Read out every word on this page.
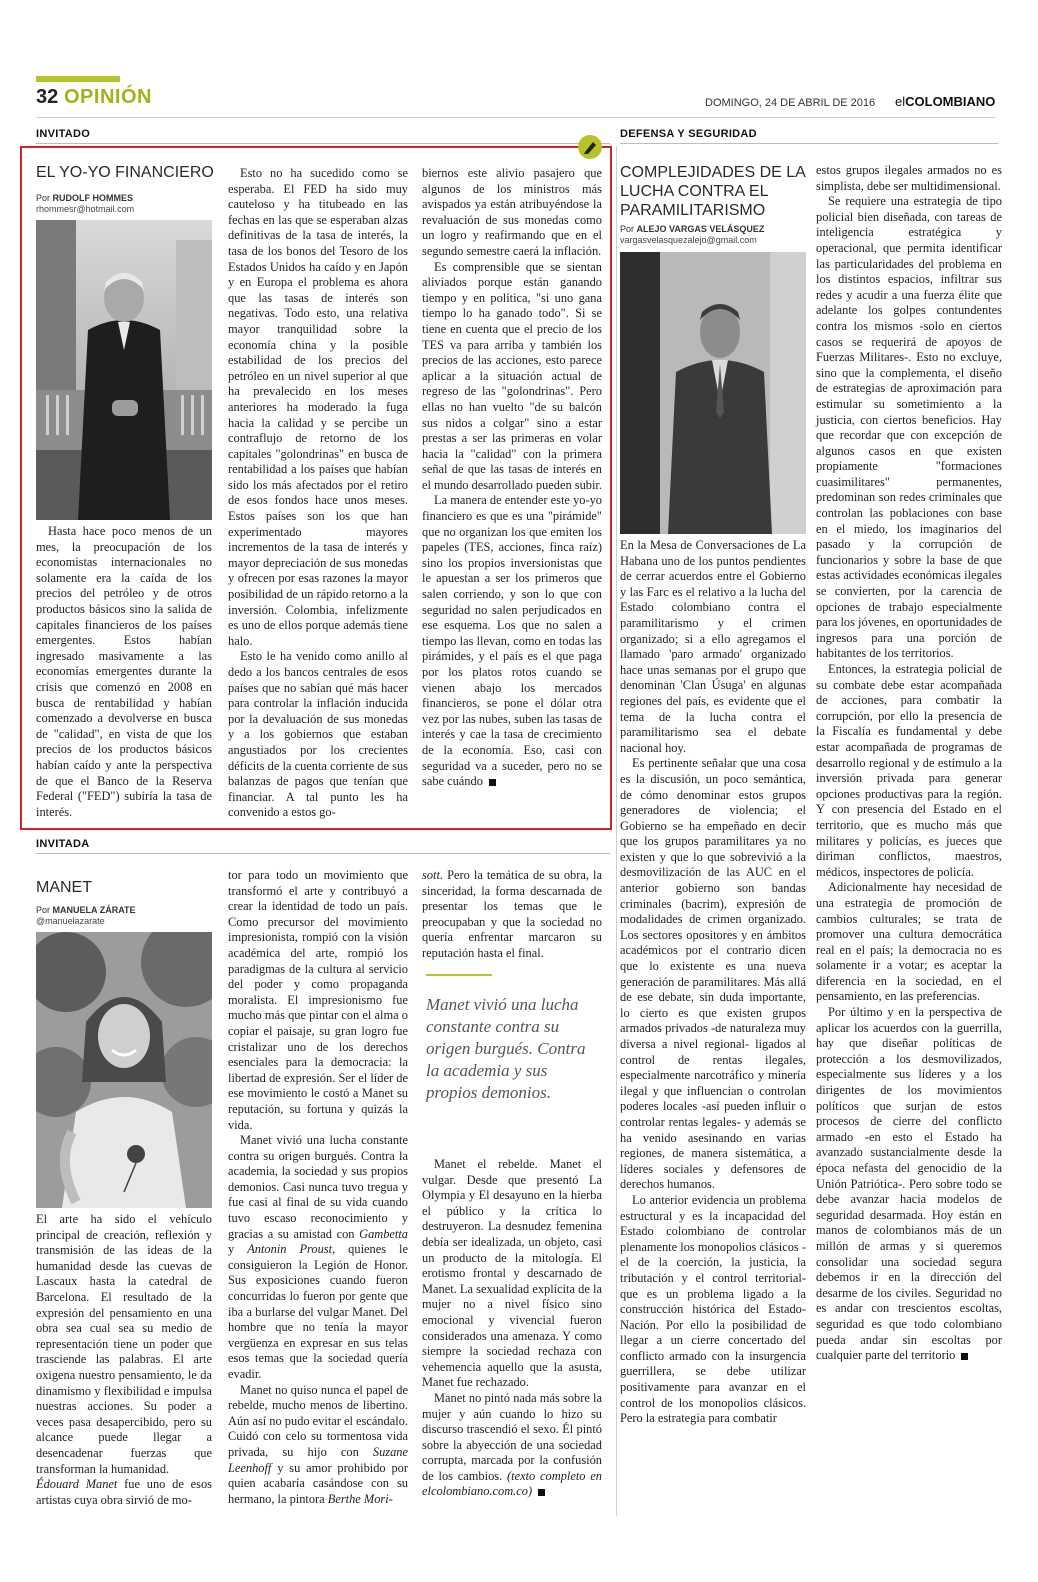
32 OPINIÓN	DOMINGO, 24 DE ABRIL DE 2016 elCOLOMBIANO
INVITADO
EL YO-YO FINANCIERO
Por RUDOLF HOMMES
rhommesr@hotmail.com

Hasta hace poco menos de un mes, la preocupación de los economistas internacionales no solamente era la caída de los precios del petróleo y de otros productos básicos sino la salida de capitales financieros de los países emergentes. Estos habían ingresado masivamente a las economías emergentes durante la crisis que comenzó en 2008 en busca de rentabilidad y habían comenzado a devolverse en busca de "calidad", en vista de que los precios de los productos básicos habían caído y ante la perspectiva de que el Banco de la Reserva Federal ("FED") subiría la tasa de interés.

Esto no ha sucedido como se esperaba. El FED ha sido muy cauteloso y ha titubeado en las fechas en las que se esperaban alzas definitivas de la tasa de interés, la tasa de los bonos del Tesoro de los Estados Unidos ha caído y en Japón y en Europa el problema es ahora que las tasas de interés son negativas. Todo esto, una relativa mayor tranquilidad sobre la economía china y la posible estabilidad de los precios del petróleo en un nivel superior al que ha prevalecido en los meses anteriores ha moderado la fuga hacia la calidad y se percibe un contraflujo de retorno de los capitales "golondrinas" en busca de rentabilidad a los países que habían sido los más afectados por el retiro de esos fondos hace unos meses. Estos países son los que han experimentado mayores incrementos de la tasa de interés y mayor depreciación de sus monedas y ofrecen por esas razones la mayor posibilidad de un rápido retorno a la inversión. Colombia, infelizmente es uno de ellos porque además tiene halo.

Esto le ha venido como anillo al dedo a los bancos centrales de esos países que no sabían qué más hacer para controlar la inflación inducida por la devaluación de sus monedas y a los gobiernos que estaban angustiados por los crecientes déficits de la cuenta corriente de sus balanzas de pagos que tenían que financiar. A tal punto les ha convenido a estos go-

biernos este alivio pasajero que algunos de los ministros más avispados ya están atribuyéndose la revaluación de sus monedas como un logro y reafirmando que en el segundo semestre caerá la inflación.

Es comprensible que se sientan aliviados porque están ganando tiempo y en política, "si uno gana tiempo lo ha ganado todo". Si se tiene en cuenta que el precio de los TES va para arriba y también los precios de las acciones, esto parece aplicar a la situación actual de regreso de las "golondrinas". Pero ellas no han vuelto "de su balcón sus nidos a colgar" sino a estar prestas a ser las primeras en volar hacia la "calidad" con la primera señal de que las tasas de interés en el mundo desarrollado pueden subir.

La manera de entender este yo-yo financiero es que es una "pirámide" que no organizan los que emiten los papeles (TES, acciones, finca raíz) sino los propios inversionistas que le apuestan a ser los primeros que salen corriendo, y son lo que con seguridad no salen perjudicados en ese esquema. Los que no salen a tiempo las llevan, como en todas las pirámides, y el país es el que paga por los platos rotos cuando se vienen abajo los mercados financieros, se pone el dólar otra vez por las nubes, suben las tasas de interés y cae la tasa de crecimiento de la economía. Eso, casi con seguridad va a suceder, pero no se sabe cuándo

INVITADA
MANET
Por MANUELA ZÁRATE
@manuelazarate

El arte ha sido el vehículo principal de creación, reflexión y transmisión de las ideas de la humanidad desde las cuevas de Lascaux hasta la catedral de Barcelona. El resultado de la expresión del pensamiento en una obra sea cual sea su medio de representación tiene un poder que trasciende las palabras. El arte oxigena nuestro pensamiento, le da dinamismo y flexibilidad e impulsa nuestras acciones. Su poder a veces pasa desapercibido, pero su alcance puede llegar a desencadenar fuerzas que transforman la humanidad.

Édouard Manet fue uno de esos artistas cuya obra sirvió de mo-

tor para todo un movimiento que transformó el arte y contribuyó a crear la identidad de todo un país. Como precursor del movimiento impresionista, rompió con la visión académica del arte, rompió los paradigmas de la cultura al servicio del poder y como propaganda moralista. El impresionismo fue mucho más que pintar con el alma o copiar el paisaje, su gran logro fue cristalizar uno de los derechos esenciales para la democracia: la libertad de expresión. Ser el líder de ese movimiento le costó a Manet su reputación, su fortuna y quizás la vida.

Manet vivió una lucha constante contra su origen burgués. Contra la academia, la sociedad y sus propios demonios. Casi nunca tuvo tregua y fue casi al final de su vida cuando tuvo escaso reconocimiento y gracias a su amistad con Gambetta y Antonin Proust, quienes le consiguieron la Legión de Honor. Sus exposiciones cuando fueron concurridas lo fueron por gente que iba a burlarse del vulgar Manet. Del hombre que no tenía la mayor vergüenza en expresar en sus telas esos temas que la sociedad quería evadir.

Manet no quiso nunca el papel de rebelde, mucho menos de libertino. Aún así no pudo evitar el escándalo. Cuidó con celo su tormentosa vida privada, su hijo con Suzane Leenhoff y su amor prohibido por quien acabaría casándose con su hermano, la pintora Berthe Mori-

sott. Pero la temática de su obra, la sinceridad, la forma descarnada de presentar los temas que le preocupaban y que la sociedad no quería enfrentar marcaron su reputación hasta el final.

Manet vivió una lucha constante contra su origen burgués. Contra la academia y sus propios demonios.

Manet el rebelde. Manet el vulgar. Desde que presentó La Olympia y El desayuno en la hierba el público y la crítica lo destruyeron. La desnudez femenina debía ser idealizada, un objeto, casi un producto de la mitología. El erotismo frontal y descarnado de Manet. La sexualidad explícita de la mujer no a nivel físico sino emocional y vivencial fueron considerados una amenaza. Y como siempre la sociedad rechaza con vehemencia aquello que la asusta, Manet fue rechazado.

Manet no pintó nada más sobre la mujer y aún cuando lo hizo su discurso trascendió el sexo. Él pintó sobre la abyección de una sociedad corrupta, marcada por la confusión de los cambios. (texto completo en elcolombiano.com.co)

DEFENSA Y SEGURIDAD
COMPLEJIDADES DE LA LUCHA CONTRA EL PARAMILITARISMO
Por ALEJO VARGAS VELÁSQUEZ
vargasvelasquezalejo@gmail.com

En la Mesa de Conversaciones de La Habana uno de los puntos pendientes de cerrar acuerdos entre el Gobierno y las Farc es el relativo a la lucha del Estado colombiano contra el paramilitarismo y el crimen organizado; si a ello agregamos el llamado 'paro armado' organizado hace unas semanas por el grupo que denominan 'Clan Úsuga' en algunas regiones del país, es evidente que el tema de la lucha contra el paramilitarismo sea el debate nacional hoy.

Es pertinente señalar que una cosa es la discusión, un poco semántica, de cómo denominar estos grupos generadores de violencia; el Gobierno se ha empeñado en decir que los grupos paramilitares ya no existen y que lo que sobrevivió a la desmovilización de las AUC en el anterior gobierno son bandas criminales (bacrim), expresión de modalidades de crimen organizado. Los sectores opositores y en ámbitos académicos por el contrario dicen que lo existente es una nueva generación de paramilitares. Más allá de ese debate, sin duda importante, lo cierto es que existen grupos armados privados -de naturaleza muy diversa a nivel regional- ligados al control de rentas ilegales, especialmente narcotráfico y minería ilegal y que influencian o controlan poderes locales -así pueden influir o controlar rentas legales- y además se ha venido asesinando en varias regiones, de manera sistemática, a líderes sociales y defensores de derechos humanos.

Lo anterior evidencia un problema estructural y es la incapacidad del Estado colombiano de controlar plenamente los monopolios clásicos -el de la coerción, la justicia, la tributación y el control territorial- que es un problema ligado a la construcción histórica del Estado-Nación. Por ello la posibilidad de llegar a un cierre concertado del conflicto armado con la insurgencia guerrillera, se debe utilizar positivamente para avanzar en el control de los monopolios clásicos. Pero la estrategia para combatir

estos grupos ilegales armados no es simplista, debe ser multidimensional.

Se requiere una estrategia de tipo policial bien diseñada, con tareas de inteligencia estratégica y operacional, que permita identificar las particularidades del problema en los distintos espacios, infiltrar sus redes y acudir a una fuerza élite que adelante los golpes contundentes contra los mismos -solo en ciertos casos se requerirá de apoyos de Fuerzas Militares-. Esto no excluye, sino que la complementa, el diseño de estrategias de aproximación para estimular su sometimiento a la justicia, con ciertos beneficios. Hay que recordar que con excepción de algunos casos en que existen propiamente "formaciones cuasimilitares" permanentes, predominan son redes criminales que controlan las poblaciones con base en el miedo, los imaginarios del pasado y la corrupción de funcionarios y sobre la base de que estas actividades económicas ilegales se convierten, por la carencia de opciones de trabajo especialmente para los jóvenes, en oportunidades de ingresos para una porción de habitantes de los territorios.

Entonces, la estrategia policial de su combate debe estar acompañada de acciones, para combatir la corrupción, por ello la presencia de la Fiscalía es fundamental y debe estar acompañada de programas de desarrollo regional y de estímulo a la inversión privada para generar opciones productivas para la región. Y con presencia del Estado en el territorio, que es mucho más que militares y policías, es jueces que diriman conflictos, maestros, médicos, inspectores de policía.

Adicionalmente hay necesidad de una estrategia de promoción de cambios culturales; se trata de promover una cultura democrática real en el país; la democracia no es solamente ir a votar; es aceptar la diferencia en la sociedad, en el pensamiento, en las preferencias.

Por último y en la perspectiva de aplicar los acuerdos con la guerrilla, hay que diseñar políticas de protección a los desmovilizados, especialmente sus líderes y a los dirigentes de los movimientos políticos que surjan de estos procesos de cierre del conflicto armado -en esto el Estado ha avanzado sustancialmente desde la época nefasta del genocidio de la Unión Patriótica-. Pero sobre todo se debe avanzar hacia modelos de seguridad desarmada. Hoy están en manos de colombianos más de un millón de armas y si queremos consolidar una sociedad segura debemos ir en la dirección del desarme de los civiles. Seguridad no es andar con trescientos escoltas, seguridad es que todo colombiano pueda andar sin escoltas por cualquier parte del territorio
